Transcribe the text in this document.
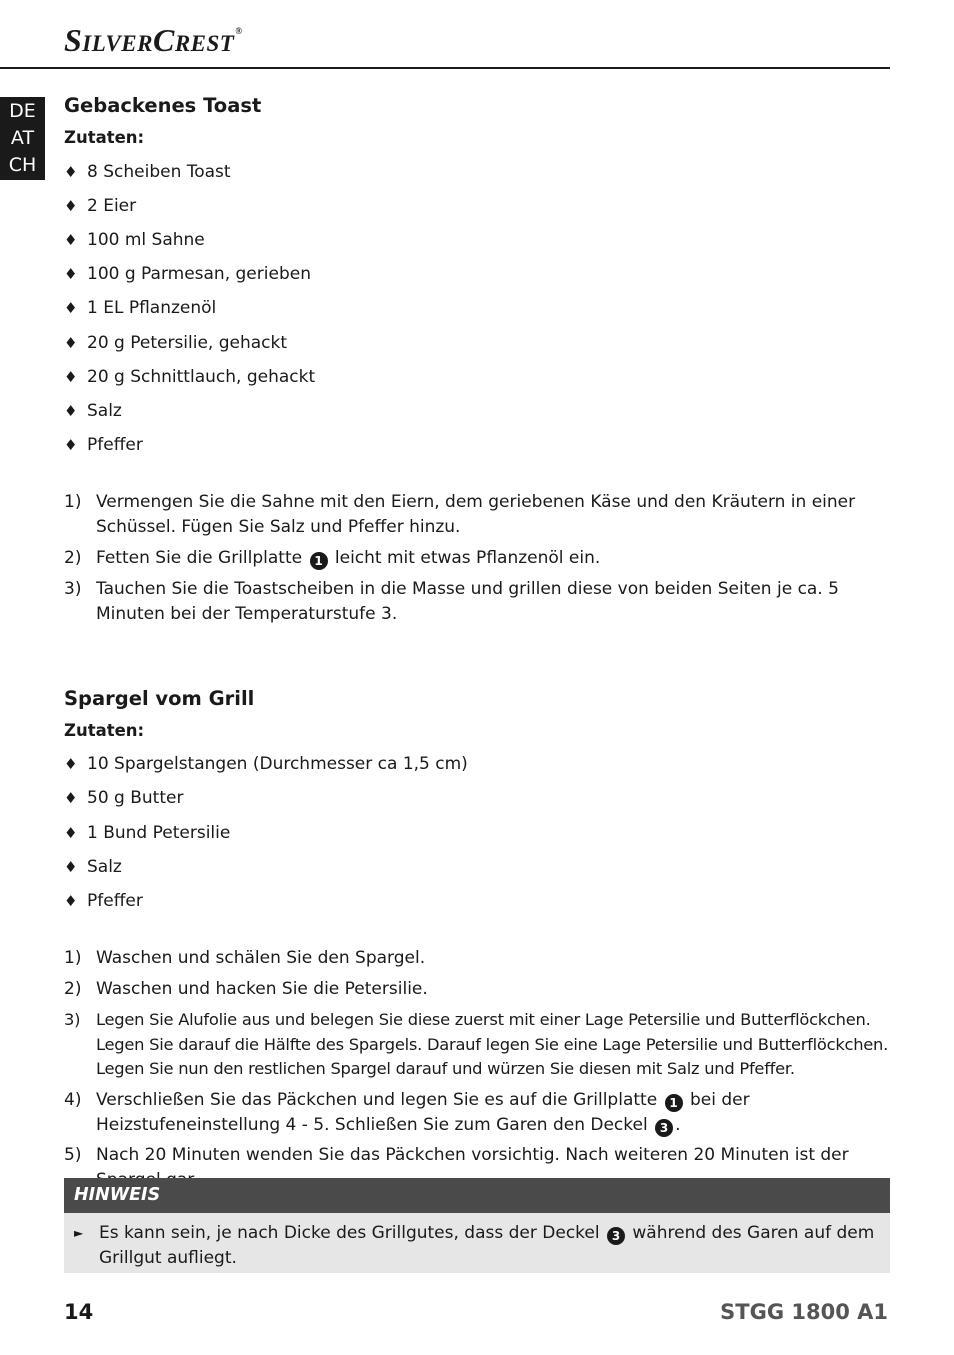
SILVERCREST®
DE
AT
CH
Gebackenes Toast
Zutaten:
♦ 8 Scheiben Toast
♦ 2 Eier
♦ 100 ml Sahne
♦ 100 g Parmesan, gerieben
♦ 1 EL Pflanzenöl
♦ 20 g Petersilie, gehackt
♦ 20 g Schnittlauch, gehackt
♦ Salz
♦ Pfeffer
1) Vermengen Sie die Sahne mit den Eiern, dem geriebenen Käse und den Kräutern in einer Schüssel. Fügen Sie Salz und Pfeffer hinzu.
2) Fetten Sie die Grillplatte 1 leicht mit etwas Pflanzenöl ein.
3) Tauchen Sie die Toastscheiben in die Masse und grillen diese von beiden Seiten je ca. 5 Minuten bei der Temperaturstufe 3.
Spargel vom Grill
Zutaten:
♦ 10 Spargelstangen (Durchmesser ca 1,5 cm)
♦ 50 g Butter
♦ 1 Bund Petersilie
♦ Salz
♦ Pfeffer
1) Waschen und schälen Sie den Spargel.
2) Waschen und hacken Sie die Petersilie.
3) Legen Sie Alufolie aus und belegen Sie diese zuerst mit einer Lage Petersilie und Butterflöckchen. Legen Sie darauf die Hälfte des Spargels. Darauf legen Sie eine Lage Petersilie und Butterflöckchen. Legen Sie nun den restlichen Spargel darauf und würzen Sie diesen mit Salz und Pfeffer.
4) Verschließen Sie das Päckchen und legen Sie es auf die Grillplatte 1 bei der Heizstufeneinstellung 4 - 5. Schließen Sie zum Garen den Deckel 3 .
5) Nach 20 Minuten wenden Sie das Päckchen vorsichtig. Nach weiteren 20 Minuten ist der
HINWEIS
► Es kann sein, je nach Dicke des Grillgutes, dass der Deckel 3 während des Garen auf dem Grillgut aufliegt.
14	STGG 1800 A1
